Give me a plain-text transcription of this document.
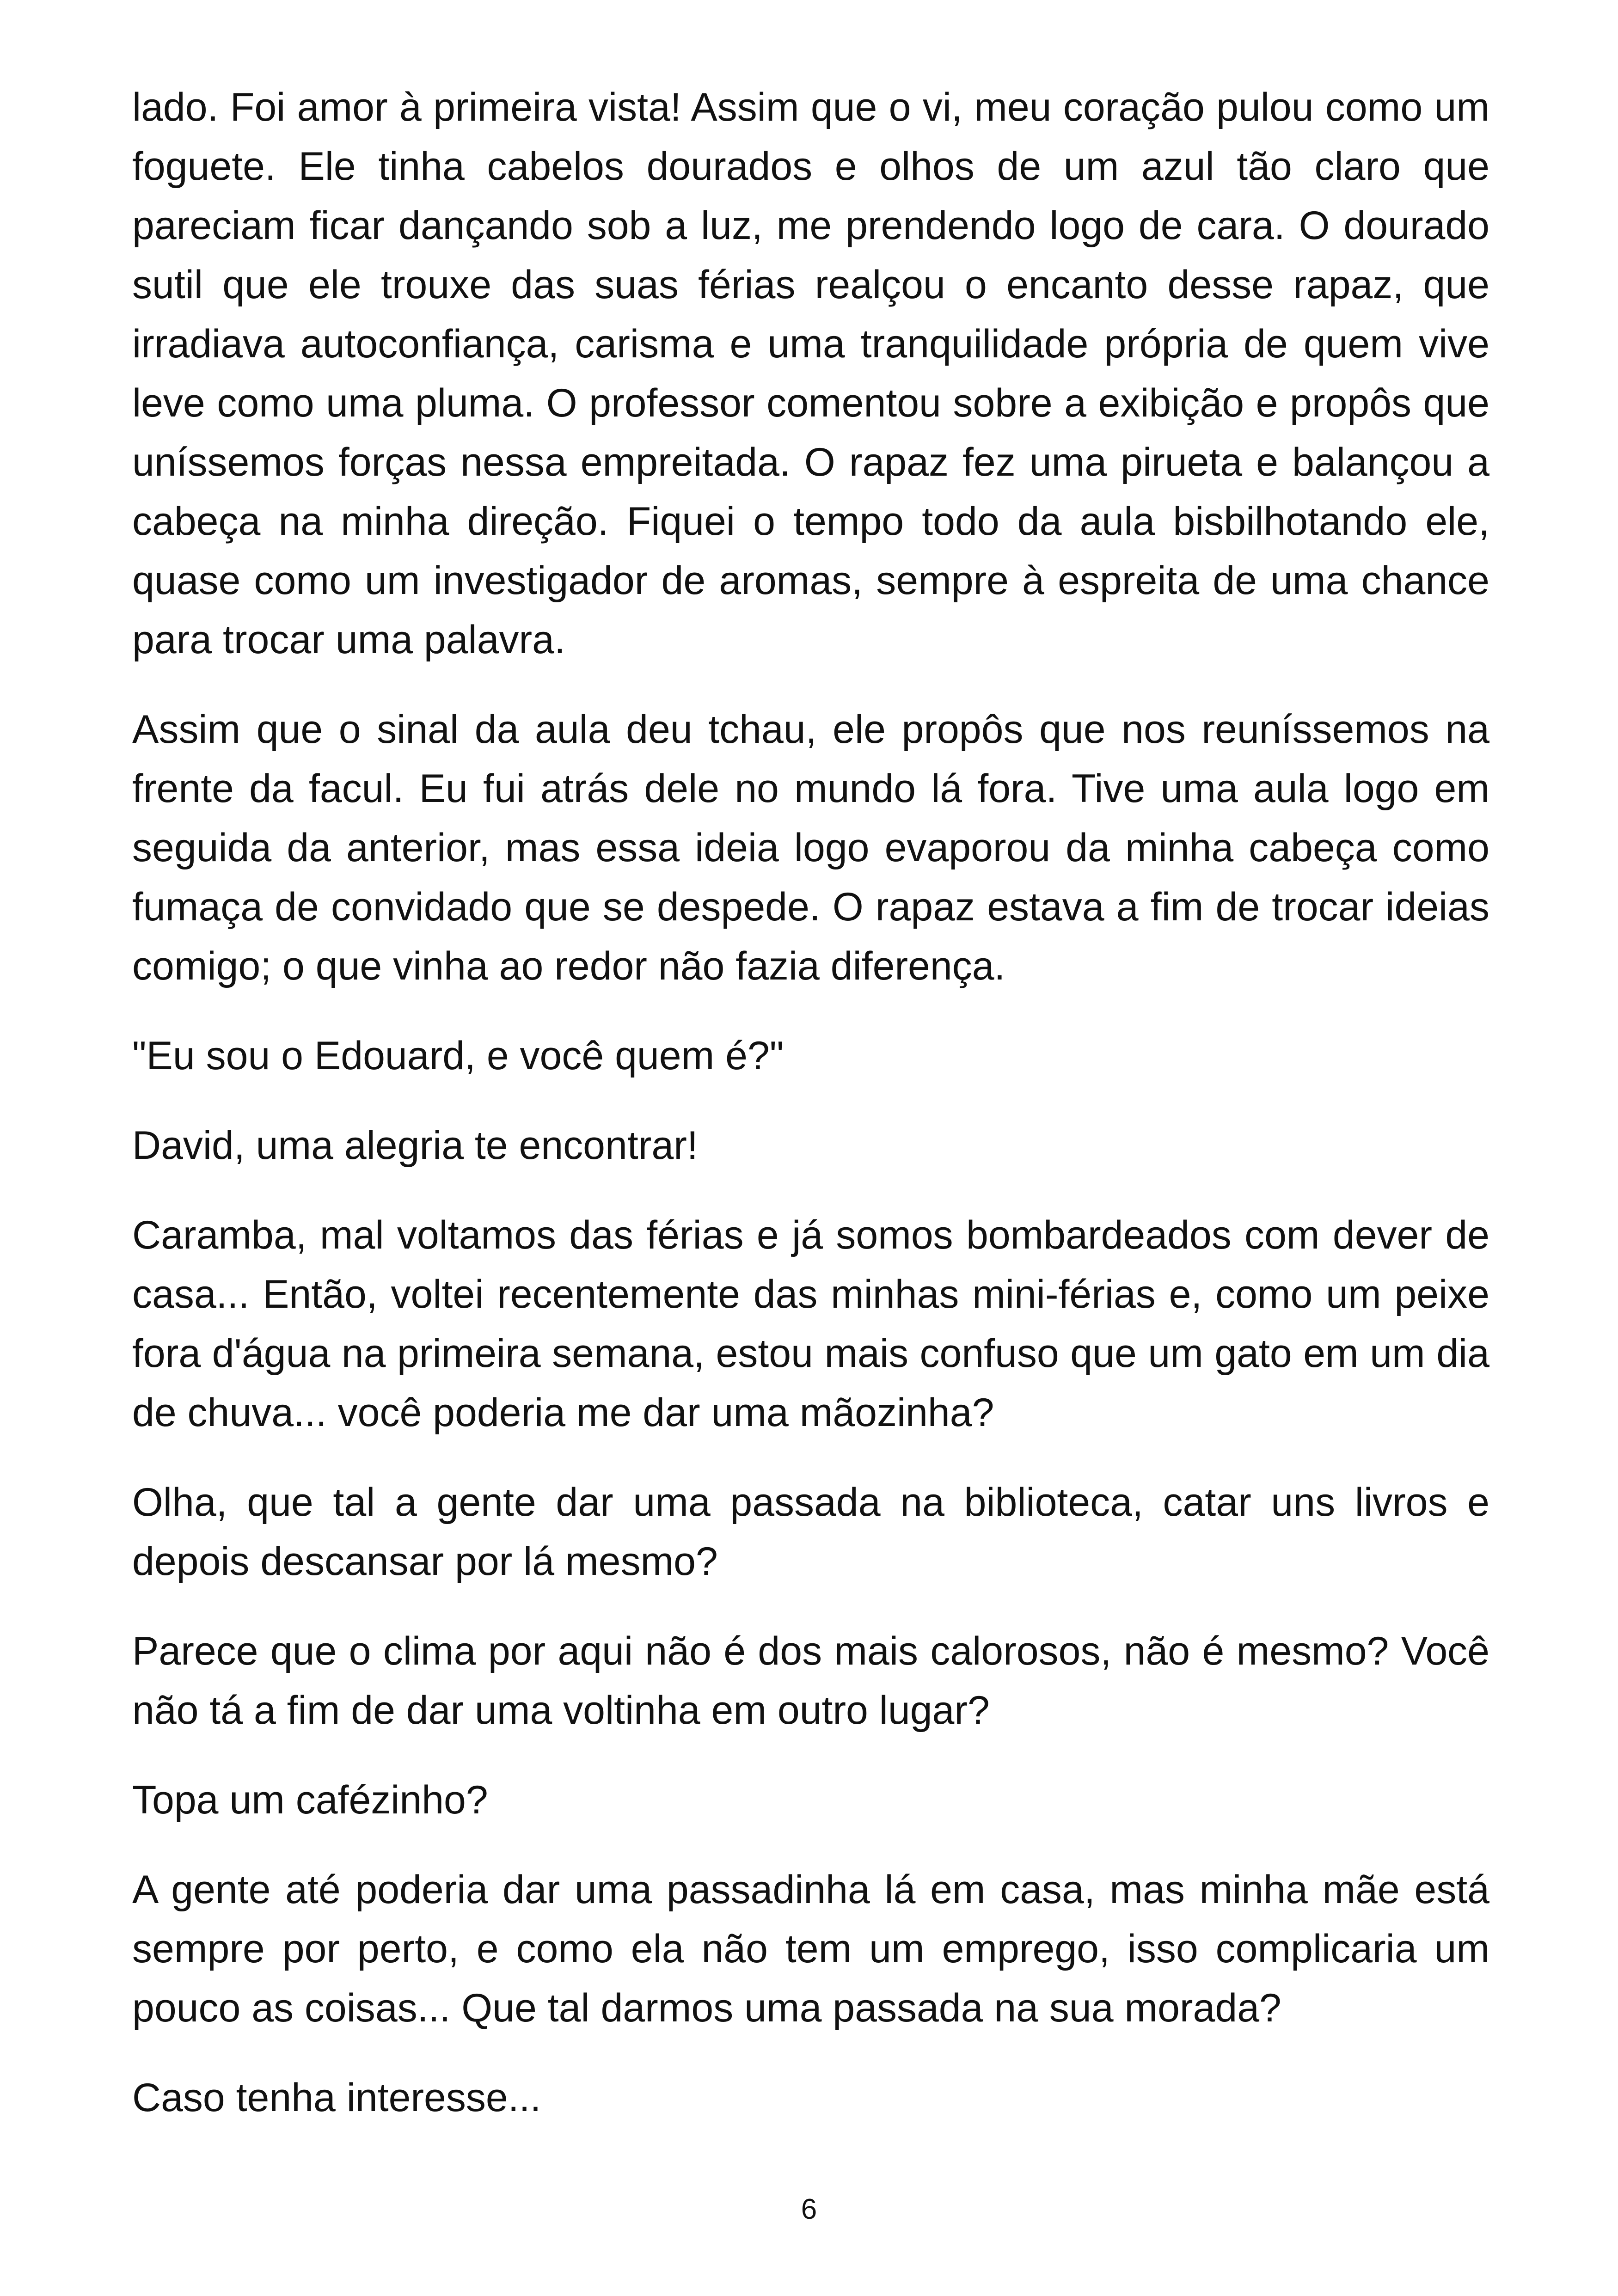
lado. Foi amor à primeira vista! Assim que o vi, meu coração pulou como um foguete. Ele tinha cabelos dourados e olhos de um azul tão claro que pareciam ficar dançando sob a luz, me prendendo logo de cara. O dourado sutil que ele trouxe das suas férias realçou o encanto desse rapaz, que irradiava autoconfiança, carisma e uma tranquilidade própria de quem vive leve como uma pluma. O professor comentou sobre a exibição e propôs que uníssemos forças nessa empreitada. O rapaz fez uma pirueta e balançou a cabeça na minha direção. Fiquei o tempo todo da aula bisbilhotando ele, quase como um investigador de aromas, sempre à espreita de uma chance para trocar uma palavra.

Assim que o sinal da aula deu tchau, ele propôs que nos reuníssemos na frente da facul. Eu fui atrás dele no mundo lá fora. Tive uma aula logo em seguida da anterior, mas essa ideia logo evaporou da minha cabeça como fumaça de convidado que se despede. O rapaz estava a fim de trocar ideias comigo; o que vinha ao redor não fazia diferença.

"Eu sou o Edouard, e você quem é?"

David, uma alegria te encontrar!

Caramba, mal voltamos das férias e já somos bombardeados com dever de casa... Então, voltei recentemente das minhas mini-férias e, como um peixe fora d'água na primeira semana, estou mais confuso que um gato em um dia de chuva... você poderia me dar uma mãozinha?

Olha, que tal a gente dar uma passada na biblioteca, catar uns livros e depois descansar por lá mesmo?

Parece que o clima por aqui não é dos mais calorosos, não é mesmo? Você não tá a fim de dar uma voltinha em outro lugar?

Topa um cafézinho?

A gente até poderia dar uma passadinha lá em casa, mas minha mãe está sempre por perto, e como ela não tem um emprego, isso complicaria um pouco as coisas... Que tal darmos uma passada na sua morada?

Caso tenha interesse...

6
